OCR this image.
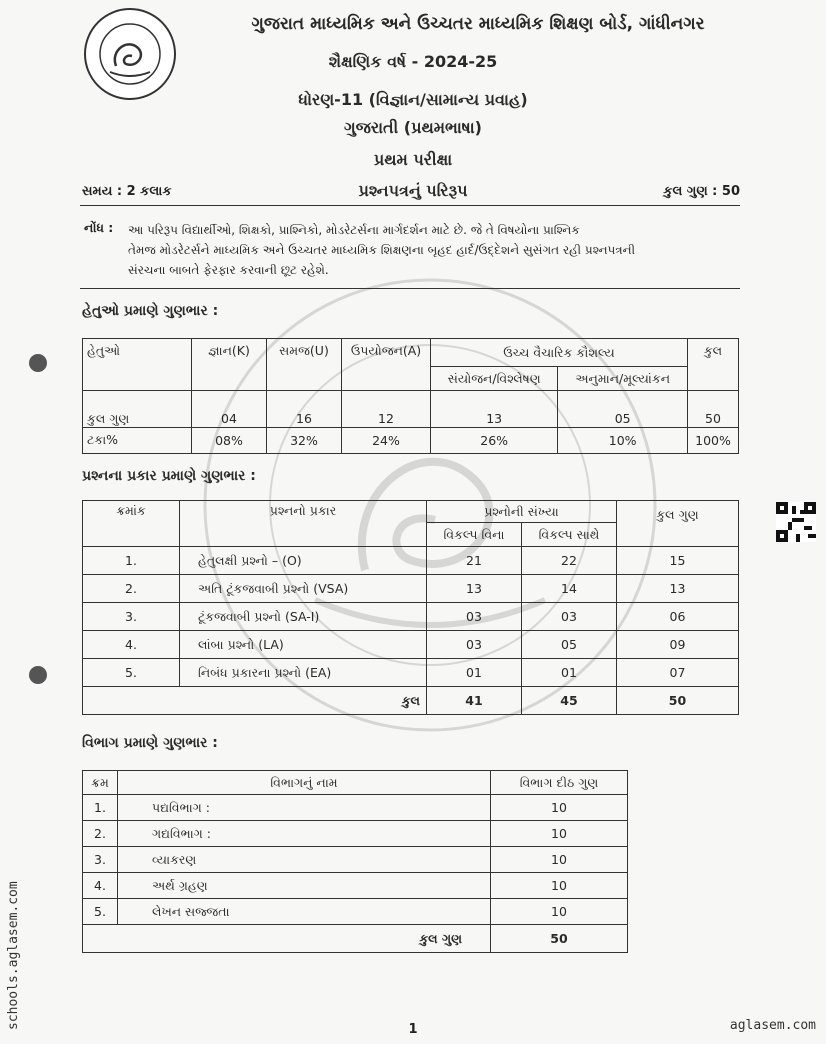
ગુજરાત માધ્યમિક અને ઉચ્ચતર માધ્યમિક શિક્ષણ બોર્ડ, ગાંધીનગર
શૈક્ષણિક વર્ષ - 2024-25
ધોરણ-11 (વિજ્ઞાન/સામાન્ય પ્રવાહ)
ગુજરાતી (પ્રથમભાષા)
પ્રથમ પરીક્ષા
સમય : 2 કલાક	પ્રશ્નપત્રનું પરિરૂપ	કુલ ગુણ : 50
નોંધ : આ પરિરૂપ વિદ્યાર્થીઓ, શિક્ષકો, પ્રાશ્નિકો, મોડરેટર્સના માર્ગદર્શન માટે છે. જે તે વિષયોના પ્રાશ્નિક
તેમજ મોડરેટર્સને માધ્યમિક અને ઉચ્ચતર માધ્યમિક શિક્ષણના બૃહદ હાર્દ/ઉદ્દેશને સુસંગત રહી પ્રશ્નપત્રની
સંરચના બાબતે ફેરફાર કરવાની છૂટ રહેશે.
હેતુઓ પ્રમાણે ગુણભાર :
હેતુઓ	જ્ઞાન(K)	સમજ(U)	ઉપયોજન(A)	ઉચ્ચ વૈચારિક કૌશલ્ય		કુલ
				સંયોજન/વિશ્લેષણ	અનુમાન/મૂલ્યાંકન	

કુલ ગુણ	04	16	12	13	05	50
ટકા%	08%	32%	24%	26%	10%	100%
પ્રશ્નના પ્રકાર પ્રમાણે ગુણભાર :
ક્રમાંક	પ્રશ્નનો પ્રકાર	પ્રશ્નોની સંખ્યા		કુલ ગુણ
		વિકલ્પ વિના	વિકલ્પ સાથે	
1.	હેતુલક્ષી પ્રશ્નો – (O)	21	22	15
2.	અતિ ટૂંકજવાબી પ્રશ્નો (VSA)	13	14	13
3.	ટૂંકજવાબી પ્રશ્નો (SA-I)	03	03	06
4.	લાંબા પ્રશ્નો (LA)	03	05	09
5.	નિબંધ પ્રકારના પ્રશ્નો (EA)	01	01	07
કુલ		41	45	50
વિભાગ પ્રમાણે ગુણભાર :
ક્રમ	વિભાગનું નામ	વિભાગ દીઠ ગુણ
1.	પદ્યવિભાગ :	10
2.	ગદ્યવિભાગ :	10
3.	વ્યાકરણ	10
4.	અર્થ ગ્રહણ	10
5.	લેખન સજ્જતા	10
કુલ ગુણ		50
1	aglasem.com
schools.aglasem.com
